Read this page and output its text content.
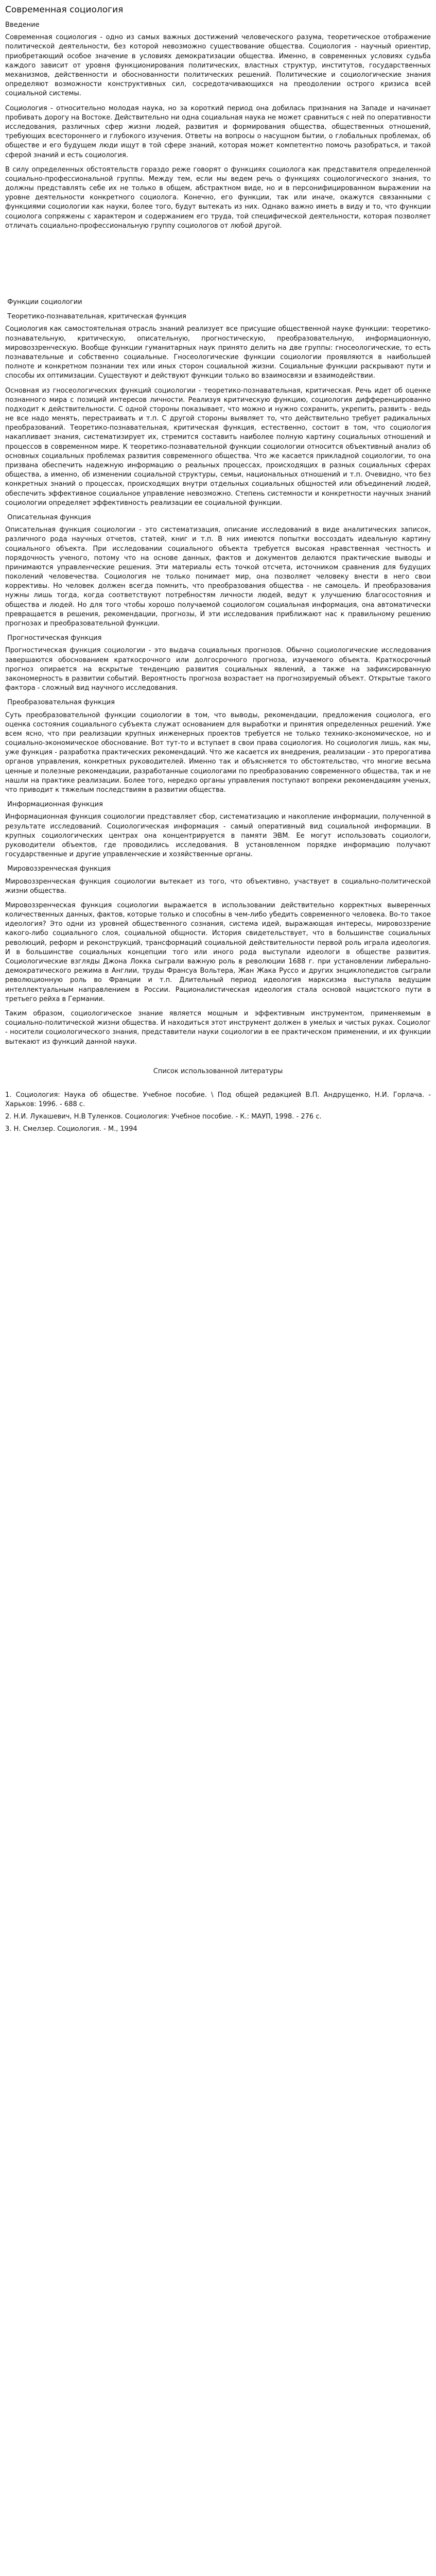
Современная социология
Введение

Современная социология - одно из самых важных достижений человеческого разума, теоретическое отображение политической деятельности, без которой невозможно существование общества. Социология - научный ориентир, приобретающий особое значение в условиях демократизации общества. Именно, в современных условиях судьба каждого зависит от уровня функционирования политических, властных структур, институтов, государственных механизмов, действенности и обоснованности политических решений. Политические и социологические знания определяют возможности конструктивных сил, сосредотачивающихся на преодолении острого кризиса всей социальной системы.

Социология - относительно молодая наука, но за короткий период она добилась признания на Западе и начинает пробивать дорогу на Востоке. Действительно ни одна социальная наука не может сравниться с ней по оперативности исследования, различных сфер жизни людей, развития и формирования общества, общественных отношений, требующих всестороннего и глубокого изучения. Ответы на вопросы о насущном бытии, о глобальных проблемах, об обществе и его будущем люди ищут в той сфере знаний, которая может компетентно помочь разобраться, и такой сферой знаний и есть социология.

В силу определенных обстоятельств гораздо реже говорят о функциях социолога как представителя определенной социально-профессиональной группы. Между тем, если мы ведем речь о функциях социологического знания, то должны представлять себе их не только в общем, абстрактном виде, но и в персонифицированном выражении на уровне деятельности конкретного социолога. Конечно, его функции, так или иначе, окажутся связанными с функциями социологии как науки, более того, будут вытекать из них. Однако важно иметь в виду и то, что функции социолога сопряжены с характером и содержанием его труда, той специфической деятельности, которая позволяет отличать социально-профессиональную группу социологов от любой другой.

Функции социологии
Теоретико-познавательная, критическая функция

Социология как самостоятельная отрасль знаний реализует все присущие общественной науке функции: теоретико-познавательную, критическую, описательную, прогностическую, преобразовательную, информационную, мировоззренческую. Вообще функции гуманитарных наук принято делить на две группы: гносеологические, то есть познавательные и собственно социальные. Гносеологические функции социологии проявляются в наибольшей полноте и конкретном познании тех или иных сторон социальной жизни. Социальные функции раскрывают пути и способы их оптимизации. Существуют и действуют функции только во взаимосвязи и взаимодействии.

Основная из гносеологических функций социологии - теоретико-познавательная, критическая. Речь идет об оценке познанного мира с позиций интересов личности. Реализуя критическую функцию, социология дифференцированно подходит к действительности. С одной стороны показывает, что можно и нужно сохранить, укрепить, развить - ведь не все надо менять, перестраивать и т.п. С другой стороны выявляет то, что действительно требует радикальных преобразований. Теоретико-познавательная, критическая функция, естественно, состоит в том, что социология накапливает знания, систематизирует их, стремится составить наиболее полную картину социальных отношений и процессов в современном мире. К теоретико-познавательной функции социологии относится объективный анализ об основных социальных проблемах развития современного общества. Что же касается прикладной социологии, то она призвана обеспечить надежную информацию о реальных процессах, происходящих в разных социальных сферах общества, а именно, об изменении социальной структуры, семьи, национальных отношений и т.п. Очевидно, что без конкретных знаний о процессах, происходящих внутри отдельных социальных общностей или объединений людей, обеспечить эффективное социальное управление невозможно. Степень системности и конкретности научных знаний социологии определяет эффективность реализации ее социальной функции.

Описательная функция

Описательная функция социологии - это систематизация, описание исследований в виде аналитических записок, различного рода научных отчетов, статей, книг и т.п. В них имеются попытки воссоздать идеальную картину социального объекта. При исследовании социального объекта требуется высокая нравственная честность и порядочность ученого, потому что на основе данных, фактов и документов делаются практические выводы и принимаются управленческие решения. Эти материалы есть точкой отсчета, источником сравнения для будущих поколений человечества. Социология не только понимает мир, она позволяет человеку внести в него свои коррективы. Но человек должен всегда помнить, что преобразования общества - не самоцель. И преобразования нужны лишь тогда, когда соответствуют потребностям личности людей, ведут к улучшению благосостояния и общества и людей. Но для того чтобы хорошо получаемой социологом социальная информация, она автоматически превращается в решения, рекомендации, прогнозы, И эти исследования приближают нас к правильному решению прогнозах и преобразовательной функции.

Прогностическая функция

Прогностическая функция социологии - это выдача социальных прогнозов. Обычно социологические исследования завершаются обоснованием краткосрочного или долгосрочного прогноза, изучаемого объекта. Краткосрочный прогноз опирается на вскрытые тенденцию развития социальных явлений, а также на зафиксированную закономерность в развитии событий. Вероятность прогноза возрастает на прогнозируемый объект. Открытые такого фактора - сложный вид научного исследования.

Преобразовательная функция

Суть преобразовательной функции социологии в том, что выводы, рекомендации, предложения социолога, его оценка состояния социального субъекта служат основанием для выработки и принятия определенных решений. Уже всем ясно, что при реализации крупных инженерных проектов требуется не только технико-экономическое, но и социально-экономическое обоснование. Вот тут-то и вступает в свои права социология. Но социология лишь, как мы, уже функция - разработка практических рекомендаций. Что же касается их внедрения, реализации - это прерогатива органов управления, конкретных руководителей. Именно так и объясняется то обстоятельство, что многие весьма ценные и полезные рекомендации, разработанные социологами по преобразованию современного общества, так и не нашли на практике реализации. Более того, нередко органы управления поступают вопреки рекомендациям ученых, что приводит к тяжелым последствиям в развитии общества.

Информационная функция

Информационная функция социологии представляет сбор, систематизацию и накопление информации, полученной в результате исследований. Социологическая информация - самый оперативный вид социальной информации. В крупных социологических центрах она концентрируется в памяти ЭВМ. Ее могут использовать социологи, руководители объектов, где проводились исследования. В установленном порядке информацию получают государственные и другие управленческие и хозяйственные органы.

Мировоззренческая функция

Мировоззренческая функция социологии вытекает из того, что объективно, участвует в социально-политической жизни общества.

Мировоззренческая функция социологии выражается в использовании действительно корректных выверенных количественных данных, фактов, которые только и способны в чем-либо убедить современного человека. Во-то такое идеология? Это одни из уровней общественного сознания, система идей, выражающая интересы, мировоззрение какого-либо социального слоя, социальной общности. История свидетельствует, что в большинстве социальных революций, реформ и реконструкций, трансформаций социальной действительности первой роль играла идеология. И в большинстве социальных концепции того или иного рода выступали идеологи в обществе развития. Социологические взгляды Джона Локка сыграли важную роль в революции 1688 г. при установлении либерально-демократического режима в Англии, труды Франсуа Вольтера, Жан Жака Руссо и других энциклопедистов сыграли революционную роль во Франции и т.п. Длительный период идеология марксизма выступала ведущим интеллектуальным направлением в России. Рационалистическая идеология стала основой нацистского пути в третьего рейха в Германии.

Таким образом, социологическое знание является мощным и эффективным инструментом, применяемым в социально-политической жизни общества. И находиться этот инструмент должен в умелых и чистых руках. Социолог - носители социологического знания, представители науки социологии в ее практическом применении, и их функции вытекают из функций данной науки.

Список использованной литературы

1. Социология: Наука об обществе. Учебное пособие. \ Под общей редакцией В.П. Андрущенко, Н.И. Горлача. - Харьков: 1996. - 688 с.

2. Н.И. Лукашевич, Н.В Туленков. Социология: Учебное пособие. - К.: МАУП, 1998. - 276 с.

3. Н. Смелзер. Социология. - М., 1994
